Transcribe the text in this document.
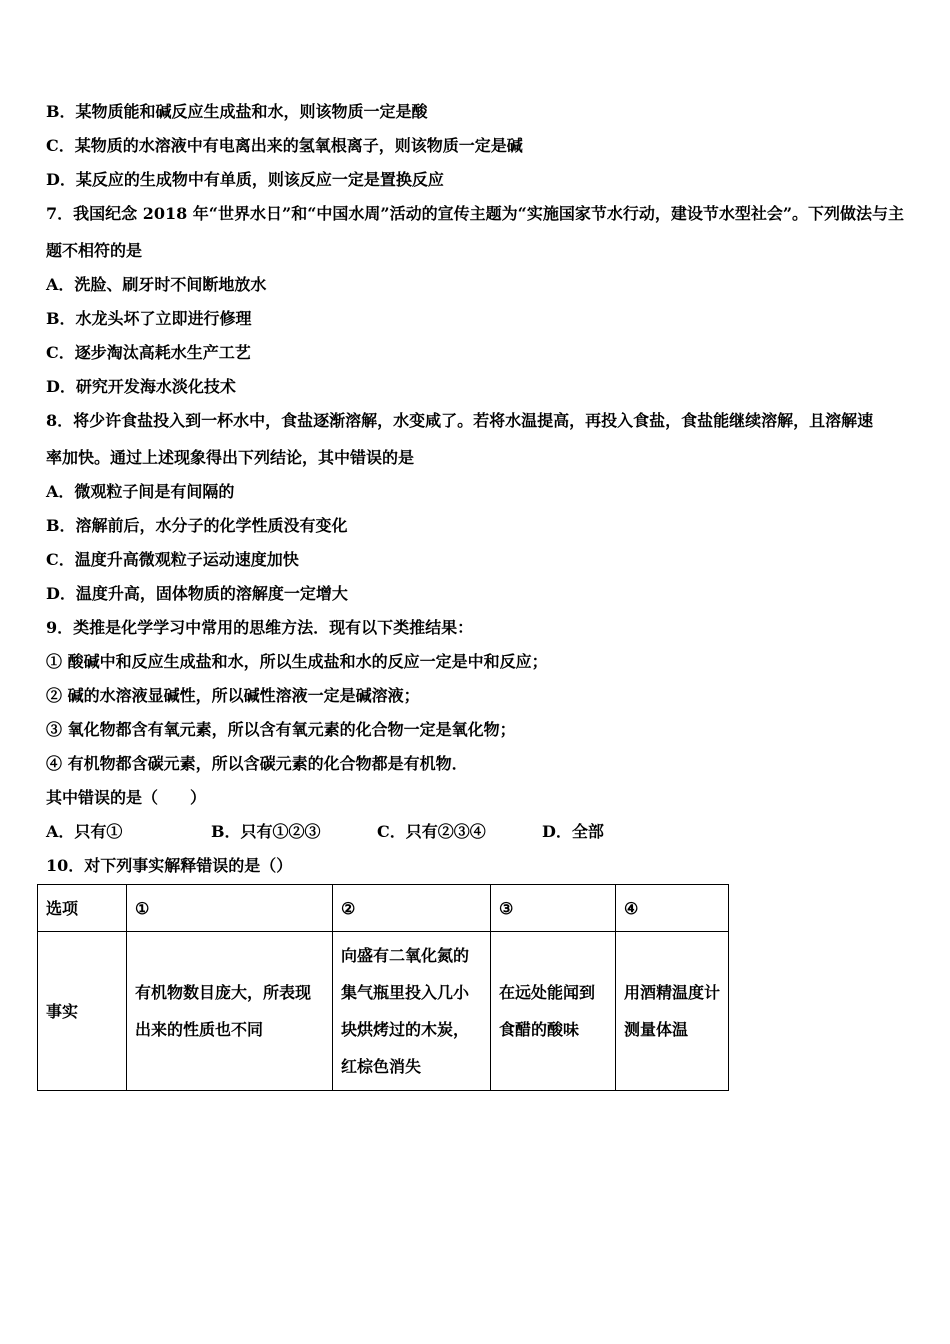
B．某物质能和碱反应生成盐和水，则该物质一定是酸
C．某物质的水溶液中有电离出来的氢氧根离子，则该物质一定是碱
D．某反应的生成物中有单质，则该反应一定是置换反应
7．我国纪念 2018 年“世界水日”和“中国水周”活动的宣传主题为“实施国家节水行动，建设节水型社会”。下列做法与主
题不相符的是
A．洗脸、刷牙时不间断地放水
B．水龙头坏了立即进行修理
C．逐步淘汰高耗水生产工艺
D．研究开发海水淡化技术
8．将少许食盐投入到一杯水中，食盐逐渐溶解，水变咸了。若将水温提高，再投入食盐，食盐能继续溶解，且溶解速
率加快。通过上述现象得出下列结论，其中错误的是
A．微观粒子间是有间隔的
B．溶解前后，水分子的化学性质没有变化
C．温度升高微观粒子运动速度加快
D．温度升高，固体物质的溶解度一定增大
9．类推是化学学习中常用的思维方法．现有以下类推结果：
① 酸碱中和反应生成盐和水，所以生成盐和水的反应一定是中和反应；
② 碱的水溶液显碱性，所以碱性溶液一定是碱溶液；
③ 氧化物都含有氧元素，所以含有氧元素的化合物一定是氧化物；
④ 有机物都含碳元素，所以含碳元素的化合物都是有机物．
其中错误的是（　　）
A．只有①	B．只有①②③	C．只有②③④	D．全部
10．对下列事实解释错误的是（）
选项	①	②	③	④
事实	有机物数目庞大，所表现出来的性质也不同	向盛有二氧化氮的集气瓶里投入几小块烘烤过的木炭，红棕色消失	在远处能闻到食醋的酸味	用酒精温度计测量体温
